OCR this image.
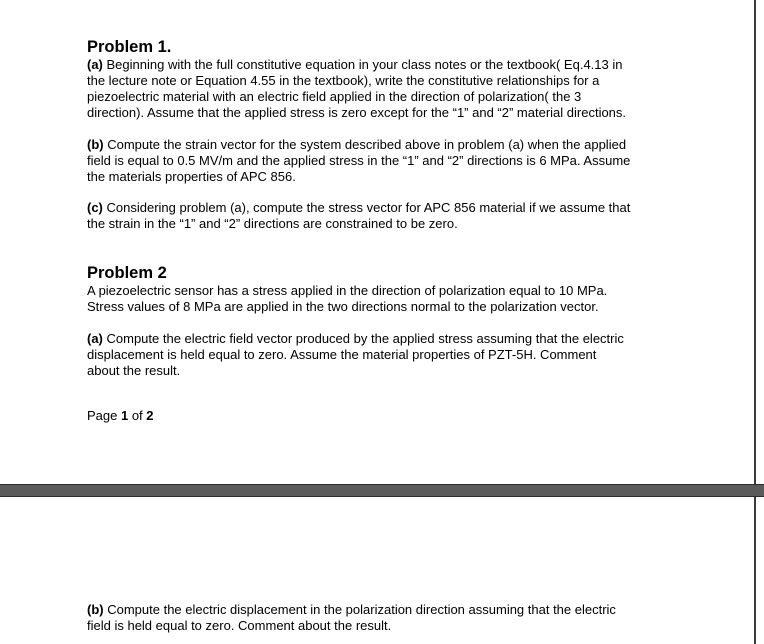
Problem 1.

(a) Beginning with the full constitutive equation in your class notes or the textbook( Eq.4.13 in
the lecture note or Equation 4.55 in the textbook), write the constitutive relationships for a
piezoelectric material with an electric field applied in the direction of polarization( the 3
direction). Assume that the applied stress is zero except for the “1” and “2” material directions.

(b) Compute the strain vector for the system described above in problem (a) when the applied
field is equal to 0.5 MV/m and the applied stress in the “1” and “2” directions is 6 MPa. Assume
the materials properties of APC 856.

(c) Considering problem (a), compute the stress vector for APC 856 material if we assume that
the strain in the “1” and “2” directions are constrained to be zero.

Problem 2

A piezoelectric sensor has a stress applied in the direction of polarization equal to 10 MPa.
Stress values of 8 MPa are applied in the two directions normal to the polarization vector.

(a) Compute the electric field vector produced by the applied stress assuming that the electric
displacement is held equal to zero. Assume the material properties of PZT-5H. Comment
about the result.

Page 1 of 2

(b) Compute the electric displacement in the polarization direction assuming that the electric
field is held equal to zero. Comment about the result.
